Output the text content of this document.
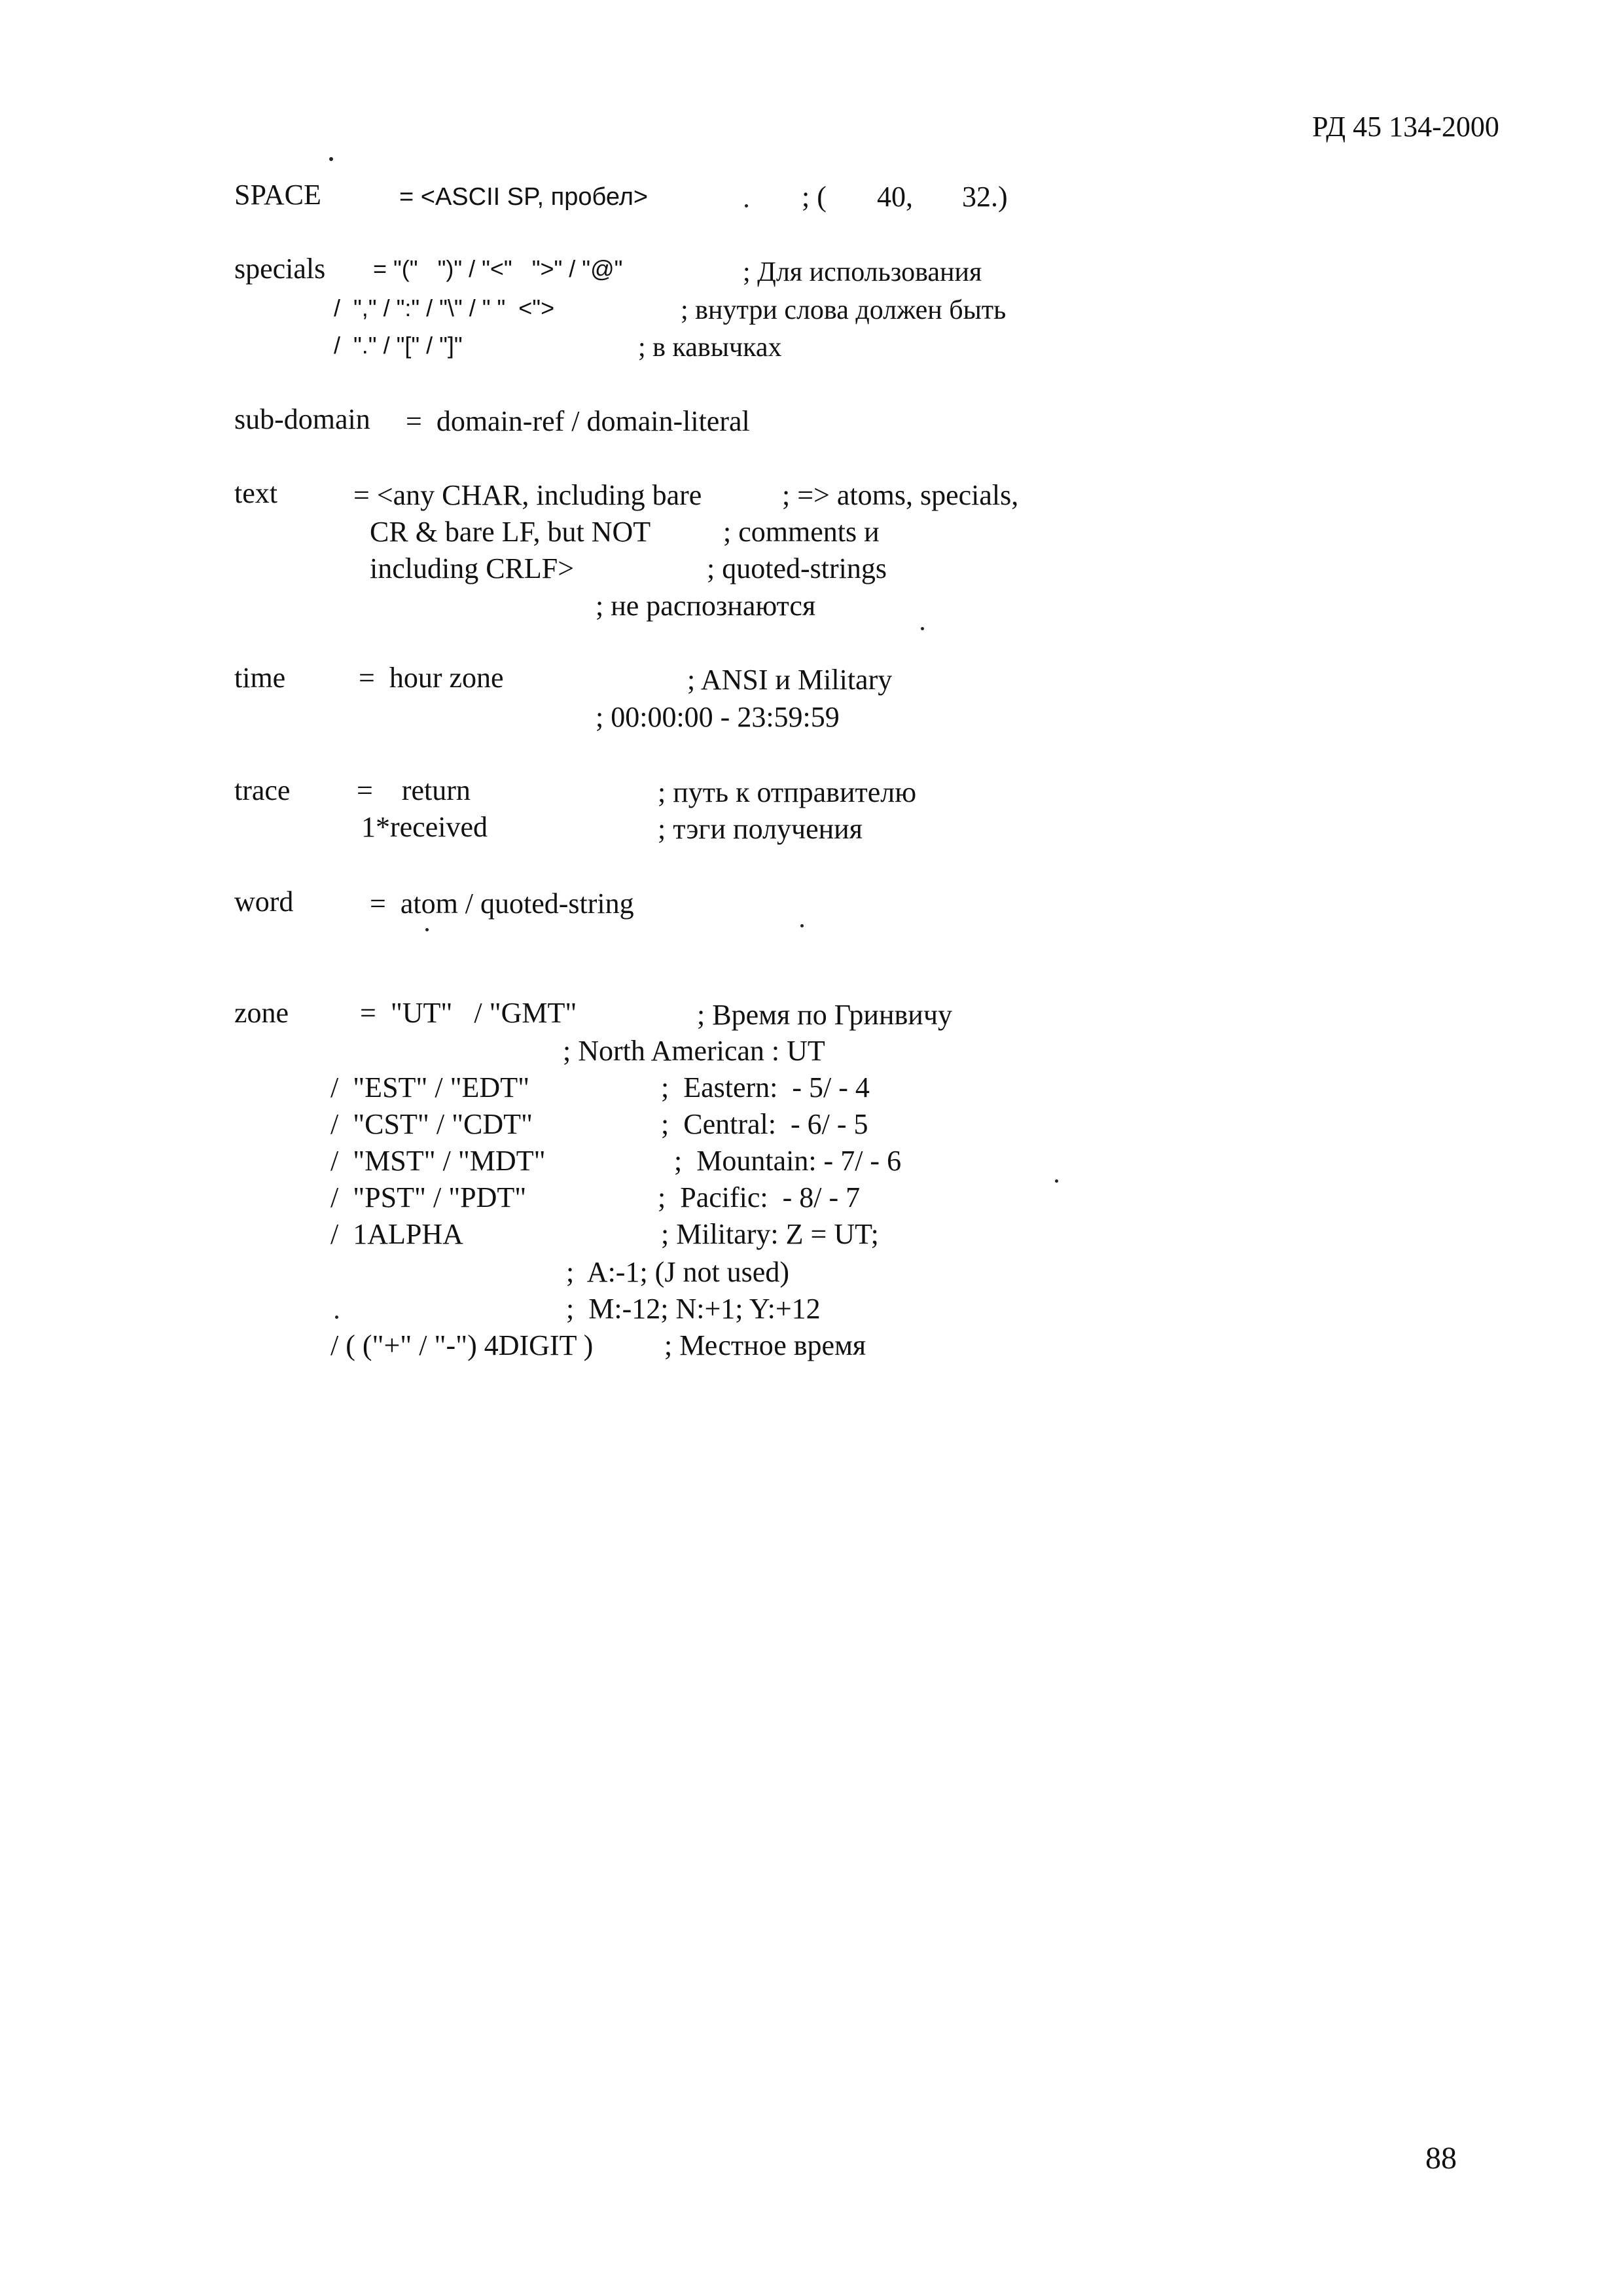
РД 45 134-2000
SPACE	= <ASCII SP, пробел>	; ( 40, 32.)
specials = "("   ")" / "<"   ">" / "@"	; Для использования
/  "," / ":" / "\" / " "  <">	; внутри слова должен быть
/  "." / "[" / "]"	; в кавычках
sub-domain =  domain-ref / domain-literal
text	= <any CHAR, including bare	; => atoms, specials,
CR & bare LF, but NOT	; comments и
including CRLF>	; quoted-strings
; не распознаются
time	=  hour zone	; ANSI и Military
; 00:00:00 - 23:59:59
trace =    return	; путь к отправителю
1*received	; тэги получения
word	=  atom / quoted-string
zone =  "UT"   / "GMT"	; Время по Гринвичу
; North American : UT
/  "EST" / "EDT"	;  Eastern:  - 5/ - 4
/  "CST" / "CDT"	;  Central:  - 6/ - 5
/  "MST" / "MDT"	;  Mountain: - 7/ - 6
/  "PST" / "PDT"	;  Pacific:  - 8/ - 7
/  1ALPHA	; Military: Z = UT;
;  A:-1; (J not used)
;  M:-12; N:+1; Y:+12
/ ( ("+" / "-") 4DIGIT ) ; Местное время
88
